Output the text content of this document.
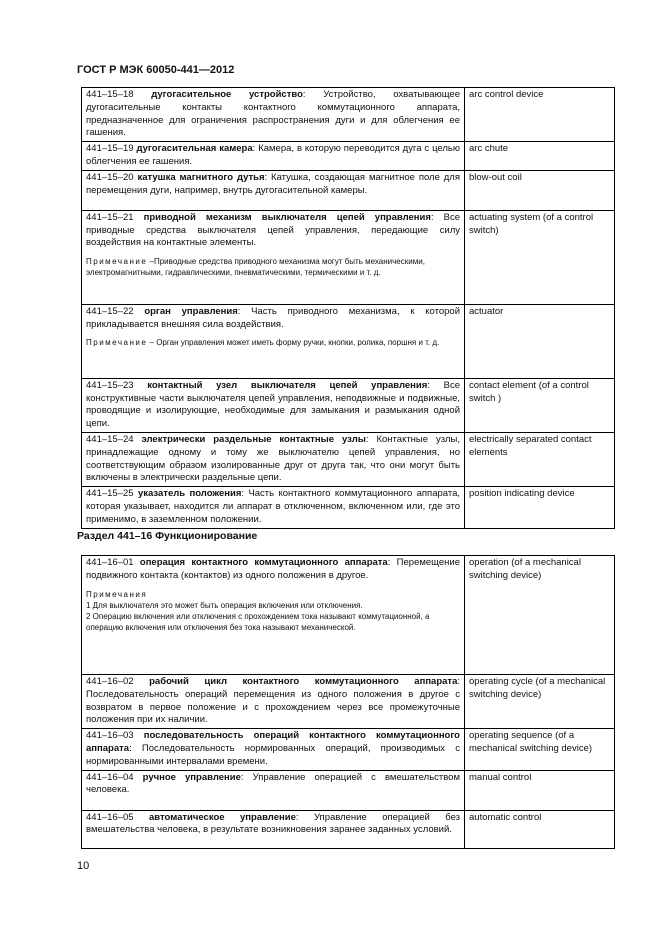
ГОСТ Р МЭК 60050-441—2012

441–15–18 дугогасительное устройство: Устройство, охватывающее дугогасительные контакты контактного коммутационного аппарата, предназначенное для ограничения распространения дуги и для облегчения ее гашения.	arc control device

441–15–19 дугогасительная камера: Камера, в которую переводится дуга с целью облегчения ее гашения.	arc chute

441–15–20 катушка магнитного дутья: Катушка, создающая магнитное поле для перемещения дуги, например, внутрь дугогасительной камеры.	blow-out coil

441–15–21 приводной механизм выключателя цепей управления: Все приводные средства выключателя цепей управления, передающие силу воздействия на контактные элементы.

Примечание –Приводные средства приводного механизма могут быть механическими, электромагнитными, гидравлическими, пневматическими, термическими и т. д.	actuating system (of a control switch)

441–15–22 орган управления: Часть приводного механизма, к которой прикладывается внешняя сила воздействия.

Примечание – Орган управления может иметь форму ручки, кнопки, ролика, поршня и т. д.	actuator

441–15–23 контактный узел выключателя цепей управления: Все конструктивные части выключателя цепей управления, неподвижные и подвижные, проводящие и изолирующие, необходимые для замыкания и размыкания одной цепи.	contact element (of a control switch )

441–15–24 электрически раздельные контактные узлы: Контактные узлы, принадлежащие одному и тому же выключателю цепей управления, но соответствующим образом изолированные друг от друга так, что они могут быть включены в электрически раздельные цепи.	electrically separated contact elements

441–15–25 указатель положения: Часть контактного коммутационного аппарата, которая указывает, находится ли аппарат в отключенном, включенном или, где это применимо, в заземленном положении.	position indicating device
Раздел 441–16 Функционирование

441–16–01 операция контактного коммутационного аппарата: Перемещение подвижного контакта (контактов) из одного положения в другое.

Примечания
1 Для выключателя это может быть операция включения или отключения.
2 Операцию включения или отключения с прохождением тока называют коммутационной, а операцию включения или отключения без тока называют механической.	operation (of a mechanical switching device)

441–16–02 рабочий цикл контактного коммутационного аппарата: Последовательность операций перемещения из одного положения в другое с возвратом в первое положение и с прохождением через все промежуточные положения при их наличии.	operating cycle (of a mechanical switching device)

441–16–03 последовательность операций контактного коммутационного аппарата: Последовательность нормированных операций, производимых с нормированными интервалами времени.	operating sequence (of a mechanical switching device)

441–16–04 ручное управление: Управление операцией с вмешательством человека.	manual control

441–16–05 автоматическое управление: Управление операцией без вмешательства человека, в результате возникновения заранее заданных условий.	automatic control
10
